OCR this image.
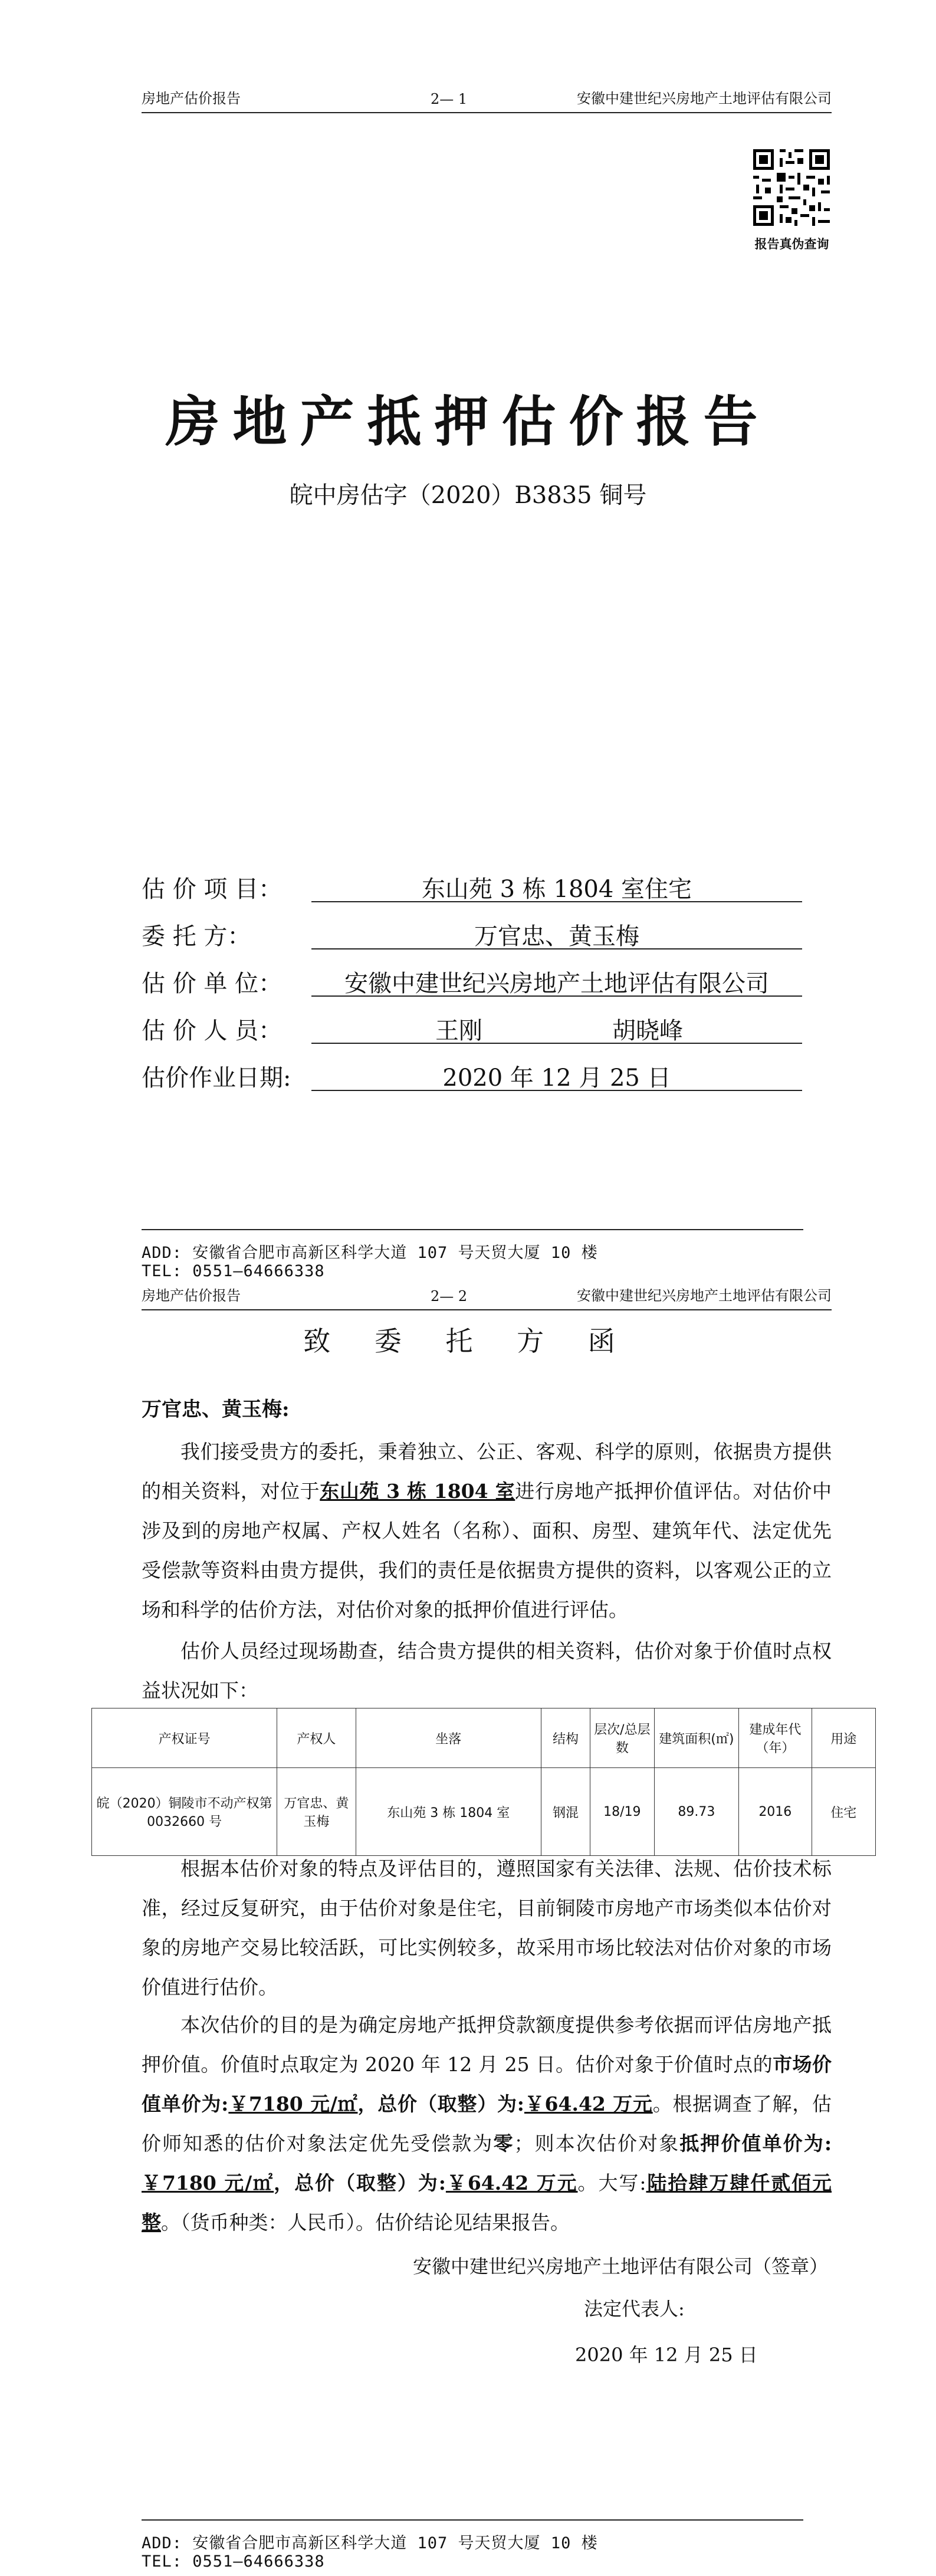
房地产估价报告	2— 1	安徽中建世纪兴房地产土地评估有限公司
报告真伪查询
房地产抵押估价报告
皖中房估字（2020）B3835 铜号
估 价 项 目：	东山苑 3 栋 1804 室住宅
委 托 方：	万官忠、黄玉梅
估 价 单 位：	安徽中建世纪兴房地产土地评估有限公司
估 价 人 员：	王刚	胡晓峰
估价作业日期:	2020 年 12 月 25 日
ADD: 安徽省合肥市高新区科学大道 107 号天贸大厦 10 楼
TEL: 0551—64666338
房地产估价报告	2— 2	安徽中建世纪兴房地产土地评估有限公司
致 委 托 方 函
万官忠、黄玉梅:
我们接受贵方的委托，秉着独立、公正、客观、科学的原则，依据贵方提供的相关资料，对位于东山苑 3 栋 1804 室进行房地产抵押价值评估。对估价中涉及到的房地产权属、产权人姓名（名称）、面积、房型、建筑年代、法定优先受偿款等资料由贵方提供，我们的责任是依据贵方提供的资料，以客观公正的立场和科学的估价方法，对估价对象的抵押价值进行评估。
估价人员经过现场勘查，结合贵方提供的相关资料，估价对象于价值时点权益状况如下：
产权证号	产权人	坐落	结构	层次/总层数	建筑面积(㎡)	建成年代（年）	用途
皖（2020）铜陵市不动产权第 0032660 号	万官忠、黄玉梅	东山苑 3 栋 1804 室	钢混	18/19	89.73	2016	住宅
根据本估价对象的特点及评估目的，遵照国家有关法律、法规、估价技术标准，经过反复研究，由于估价对象是住宅，目前铜陵市房地产市场类似本估价对象的房地产交易比较活跃，可比实例较多，故采用市场比较法对估价对象的市场价值进行估价。
本次估价的目的是为确定房地产抵押贷款额度提供参考依据而评估房地产抵押价值。价值时点取定为 2020 年 12 月 25 日。估价对象于价值时点的市场价值单价为:￥7180 元/㎡，总价（取整）为:￥64.42 万元。根据调查了解，估价师知悉的估价对象法定优先受偿款为零；则本次估价对象抵押价值单价为:￥7180 元/㎡，总价（取整）为:￥64.42 万元。大写:陆拾肆万肆仟贰佰元整。（货币种类：人民币）。估价结论见结果报告。
安徽中建世纪兴房地产土地评估有限公司（签章）
法定代表人:
2020 年 12 月 25 日
ADD: 安徽省合肥市高新区科学大道 107 号天贸大厦 10 楼
TEL: 0551—64666338
